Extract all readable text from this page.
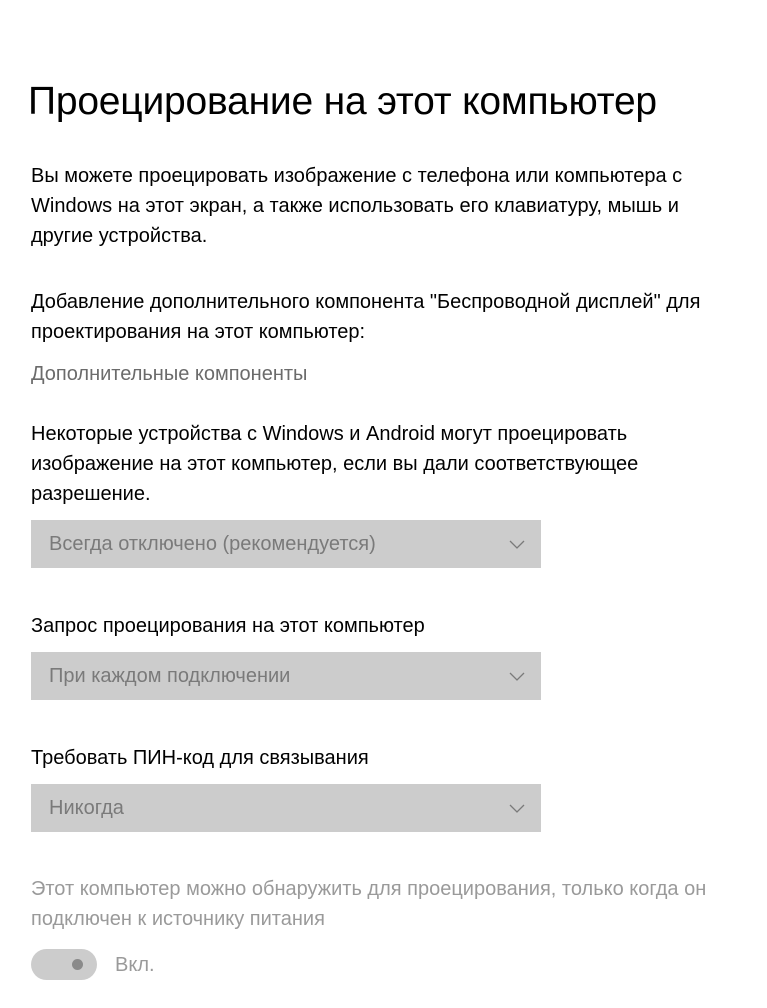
Проецирование на этот компьютер

Вы можете проецировать изображение с телефона или компьютера с Windows на этот экран, а также использовать его клавиатуру, мышь и другие устройства.

Добавление дополнительного компонента "Беспроводной дисплей" для проектирования на этот компьютер:

Дополнительные компоненты

Некоторые устройства с Windows и Android могут проецировать изображение на этот компьютер, если вы дали соответствующее разрешение.

Всегда отключено (рекомендуется)
Запрос проецирования на этот компьютер
При каждом подключении
Требовать ПИН-код для связывания
Никогда

Этот компьютер можно обнаружить для проецирования, только когда он подключен к источнику питания

Вкл.
